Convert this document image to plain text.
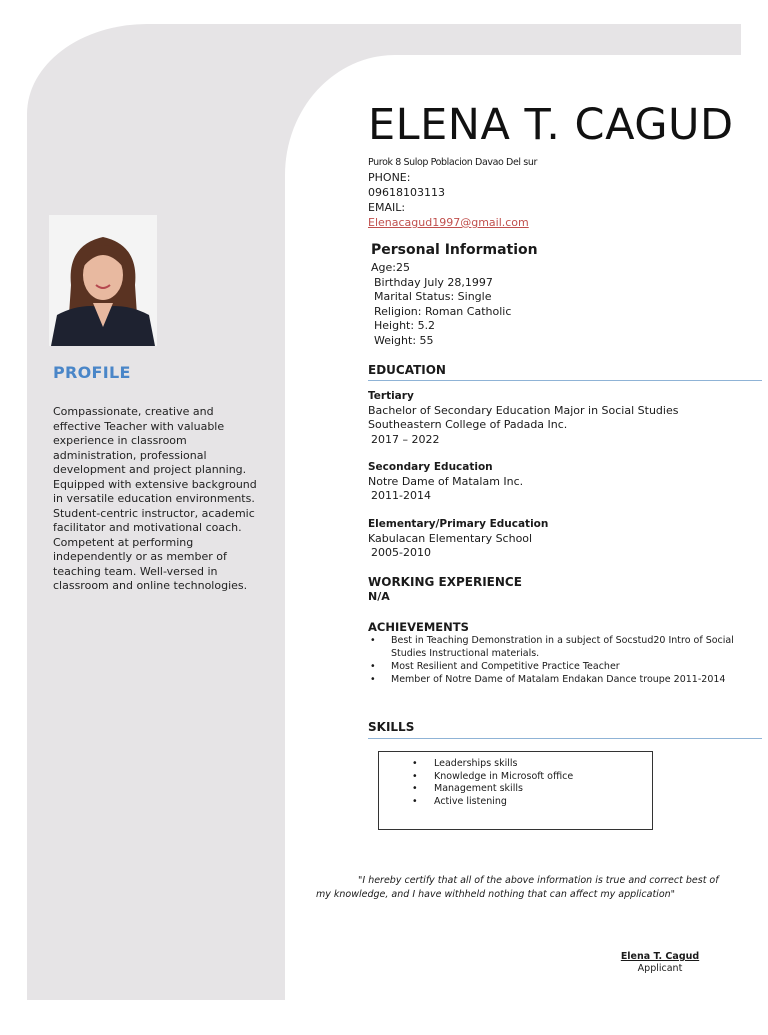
PROFILE
Compassionate, creative and effective Teacher with valuable experience in classroom administration, professional development and project planning. Equipped with extensive background in versatile education environments. Student-centric instructor, academic facilitator and motivational coach. Competent at performing independently or as member of teaching team. Well-versed in classroom and online technologies.
ELENA T. CAGUD
Purok 8 Sulop Poblacion Davao Del sur
PHONE:
09618103113
EMAIL:
Elenacagud1997@gmail.com
Personal Information
Age:25
Birthday July 28,1997
Marital Status: Single
Religion: Roman Catholic
Height: 5.2
Weight: 55
EDUCATION
Tertiary
Bachelor of Secondary Education Major in Social Studies
Southeastern College of Padada Inc.
2017 – 2022
Secondary Education
Notre Dame of Matalam Inc.
2011-2014
Elementary/Primary Education
Kabulacan Elementary School
2005-2010
WORKING EXPERIENCE
N/A
ACHIEVEMENTS
• Best in Teaching Demonstration in a subject of Socstud20 Intro of Social Studies Instructional materials.
• Most Resilient and Competitive Practice Teacher
• Member of Notre Dame of Matalam Endakan Dance troupe 2011-2014
SKILLS
• Leaderships skills
• Knowledge in Microsoft office
• Management skills
• Active listening
"I hereby certify that all of the above information is true and correct best of my knowledge, and I have withheld nothing that can affect my application"
Elena T. Cagud
Applicant
